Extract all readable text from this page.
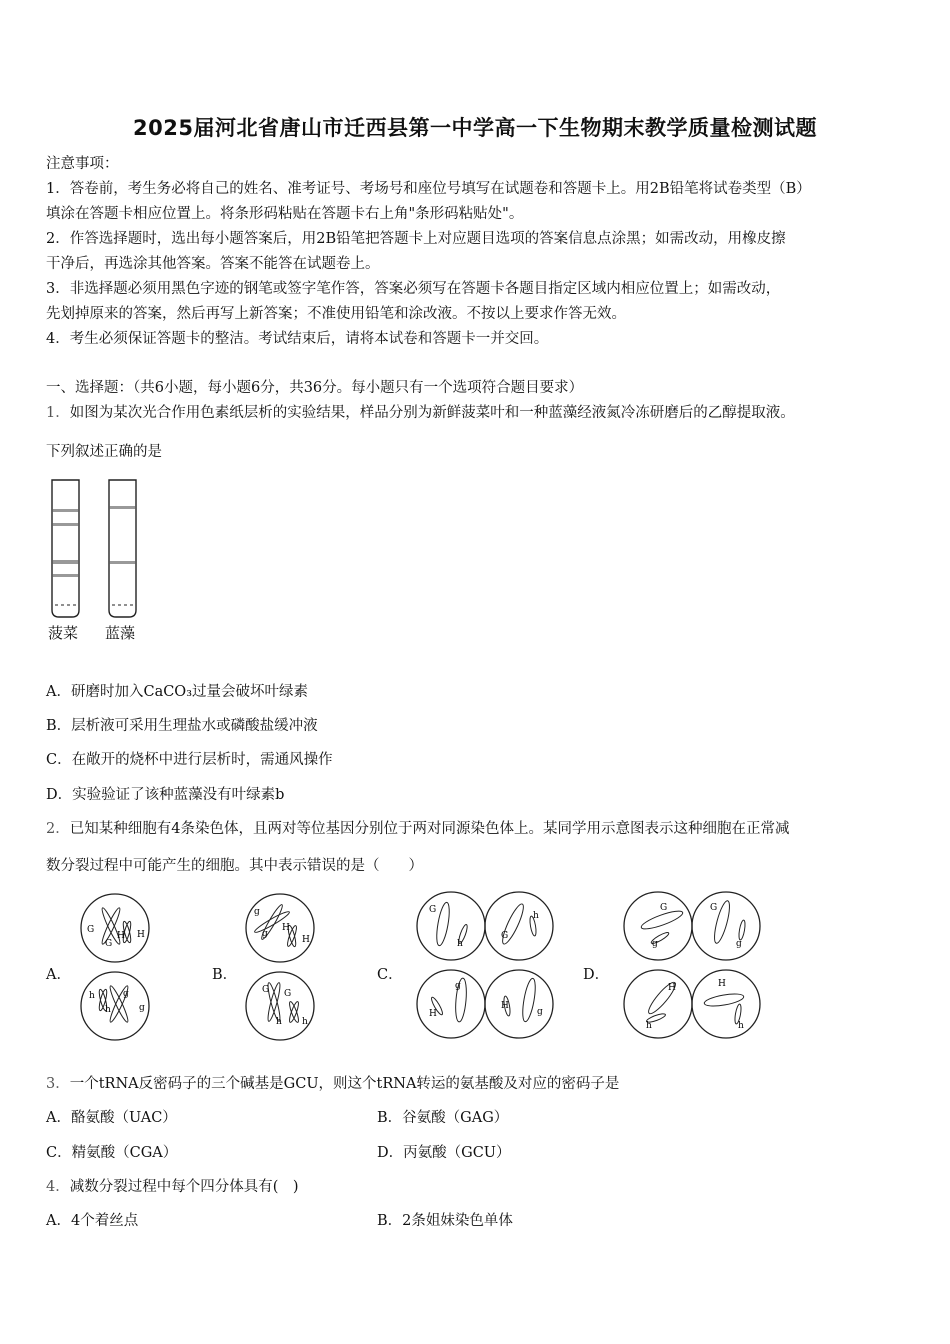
2025届河北省唐山市迁西县第一中学高一下生物期末教学质量检测试题
注意事项：
1．答卷前，考生务必将自己的姓名、准考证号、考场号和座位号填写在试题卷和答题卡上。用2B铅笔将试卷类型（B）
填涂在答题卡相应位置上。将条形码粘贴在答题卡右上角"条形码粘贴处"。
2．作答选择题时，选出每小题答案后，用2B铅笔把答题卡上对应题目选项的答案信息点涂黑；如需改动，用橡皮擦
干净后，再选涂其他答案。答案不能答在试题卷上。
3．非选择题必须用黑色字迹的钢笔或签字笔作答，答案必须写在答题卡各题目指定区域内相应位置上；如需改动，
先划掉原来的答案，然后再写上新答案；不准使用铅笔和涂改液。不按以上要求作答无效。
4．考生必须保证答题卡的整洁。考试结束后，请将本试卷和答题卡一并交回。
一、选择题：（共6小题，每小题6分，共36分。每小题只有一个选项符合题目要求）
1．如图为某次光合作用色素纸层析的实验结果，样品分别为新鲜菠菜叶和一种蓝藻经液氮冷冻研磨后的乙醇提取液。
下列叙述正确的是
菠菜 蓝藻
A．研磨时加入CaCO₃过量会破坏叶绿素
B．层析液可采用生理盐水或磷酸盐缓冲液
C．在敞开的烧杯中进行层析时，需通风操作
D．实验验证了该种蓝藻没有叶绿素b
2．已知某种细胞有4条染色体，且两对等位基因分别位于两对同源染色体上。某同学用示意图表示这种细胞在正常减
数分裂过程中可能产生的细胞。其中表示错误的是（　　）
A．	B．	C．	D．
G
G
H H
h
h
g
g
g
g
H
H
G G
h h
G
h
G
h
g
H	g
H
G
g
G
g
H
h
H
h
3．一个tRNA反密码子的三个碱基是GCU，则这个tRNA转运的氨基酸及对应的密码子是
A．酪氨酸（UAC）	B．谷氨酸（GAG）
C．精氨酸（CGA）	D．丙氨酸（GCU）
4．减数分裂过程中每个四分体具有(　)
A．4个着丝点	B．2条姐妹染色单体
